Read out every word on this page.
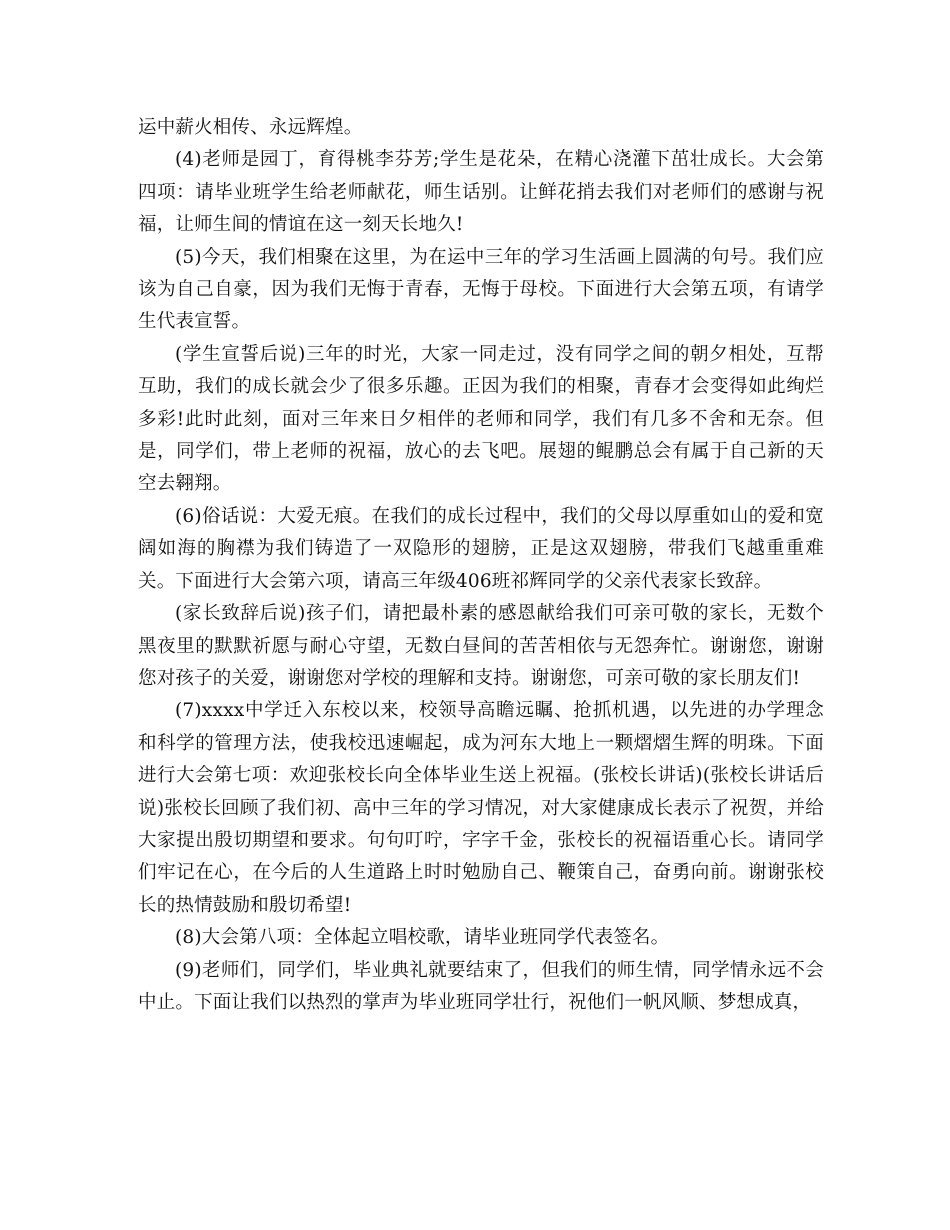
运中薪火相传、永远辉煌。

(4)老师是园丁，育得桃李芬芳;学生是花朵，在精心浇灌下茁壮成长。大会第四项：请毕业班学生给老师献花，师生话别。让鲜花捎去我们对老师们的感谢与祝福，让师生间的情谊在这一刻天长地久!

(5)今天，我们相聚在这里，为在运中三年的学习生活画上圆满的句号。我们应该为自己自豪，因为我们无悔于青春，无悔于母校。下面进行大会第五项，有请学生代表宣誓。

(学生宣誓后说)三年的时光，大家一同走过，没有同学之间的朝夕相处，互帮互助，我们的成长就会少了很多乐趣。正因为我们的相聚，青春才会变得如此绚烂多彩!此时此刻，面对三年来日夕相伴的老师和同学，我们有几多不舍和无奈。但是，同学们，带上老师的祝福，放心的去飞吧。展翅的鲲鹏总会有属于自己新的天空去翱翔。

(6)俗话说：大爱无痕。在我们的成长过程中，我们的父母以厚重如山的爱和宽阔如海的胸襟为我们铸造了一双隐形的翅膀，正是这双翅膀，带我们飞越重重难关。下面进行大会第六项，请高三年级406班祁辉同学的父亲代表家长致辞。

(家长致辞后说)孩子们，请把最朴素的感恩献给我们可亲可敬的家长，无数个黑夜里的默默祈愿与耐心守望，无数白昼间的苦苦相依与无怨奔忙。谢谢您，谢谢您对孩子的关爱，谢谢您对学校的理解和支持。谢谢您，可亲可敬的家长朋友们!

(7)xxxx中学迁入东校以来，校领导高瞻远瞩、抢抓机遇，以先进的办学理念和科学的管理方法，使我校迅速崛起，成为河东大地上一颗熠熠生辉的明珠。下面进行大会第七项：欢迎张校长向全体毕业生送上祝福。(张校长讲话)(张校长讲话后说)张校长回顾了我们初、高中三年的学习情况，对大家健康成长表示了祝贺，并给大家提出殷切期望和要求。句句叮咛，字字千金，张校长的祝福语重心长。请同学们牢记在心，在今后的人生道路上时时勉励自己、鞭策自己，奋勇向前。谢谢张校长的热情鼓励和殷切希望!

(8)大会第八项：全体起立唱校歌，请毕业班同学代表签名。

(9)老师们，同学们，毕业典礼就要结束了，但我们的师生情，同学情永远不会中止。下面让我们以热烈的掌声为毕业班同学壮行，祝他们一帆风顺、梦想成真，
